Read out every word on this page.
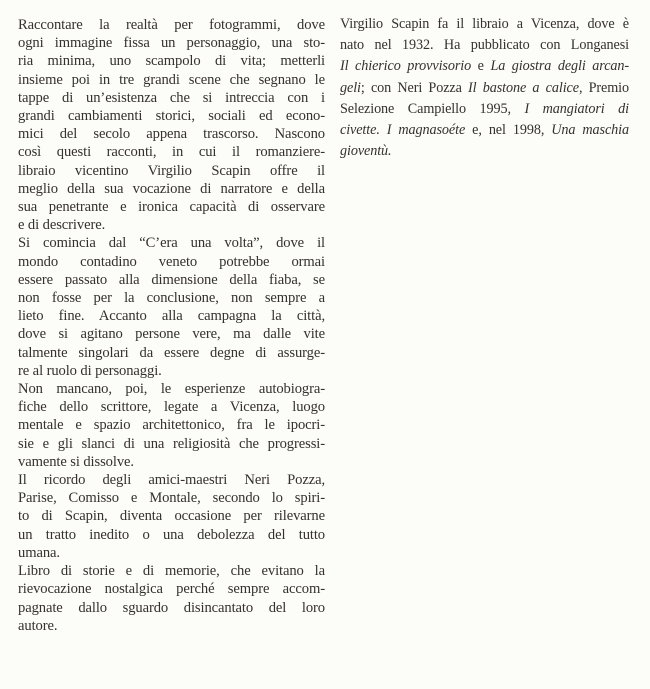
Raccontare la realtà per fotogrammi, dove
ogni immagine fissa un personaggio, una sto-
ria minima, uno scampolo di vita; metterli
insieme poi in tre grandi scene che segnano le
tappe di un’esistenza che si intreccia con i
grandi cambiamenti storici, sociali ed econo-
mici del secolo appena trascorso. Nascono
così questi racconti, in cui il romanziere-
libraio vicentino Virgilio Scapin offre il
meglio della sua vocazione di narratore e della
sua penetrante e ironica capacità di osservare
e di descrivere.
Si comincia dal “C’era una volta”, dove il
mondo contadino veneto potrebbe ormai
essere passato alla dimensione della fiaba, se
non fosse per la conclusione, non sempre a
lieto fine. Accanto alla campagna la città,
dove si agitano persone vere, ma dalle vite
talmente singolari da essere degne di assurge-
re al ruolo di personaggi.
Non mancano, poi, le esperienze autobiogra-
fiche dello scrittore, legate a Vicenza, luogo
mentale e spazio architettonico, fra le ipocri-
sie e gli slanci di una religiosità che progressi-
vamente si dissolve.
Il ricordo degli amici-maestri Neri Pozza,
Parise, Comisso e Montale, secondo lo spiri-
to di Scapin, diventa occasione per rilevarne
un tratto inedito o una debolezza del tutto
umana.
Libro di storie e di memorie, che evitano la
rievocazione nostalgica perché sempre accom-
pagnate dallo sguardo disincantato del loro
autore.
Virgilio Scapin fa il libraio a Vicenza, dove è
nato nel 1932. Ha pubblicato con Longanesi
Il chierico provvisorio e La giostra degli arcan-
geli; con Neri Pozza Il bastone a calice, Premio
Selezione Campiello 1995, I mangiatori di
civette. I magnasoéte e, nel 1998, Una maschia
gioventù.
